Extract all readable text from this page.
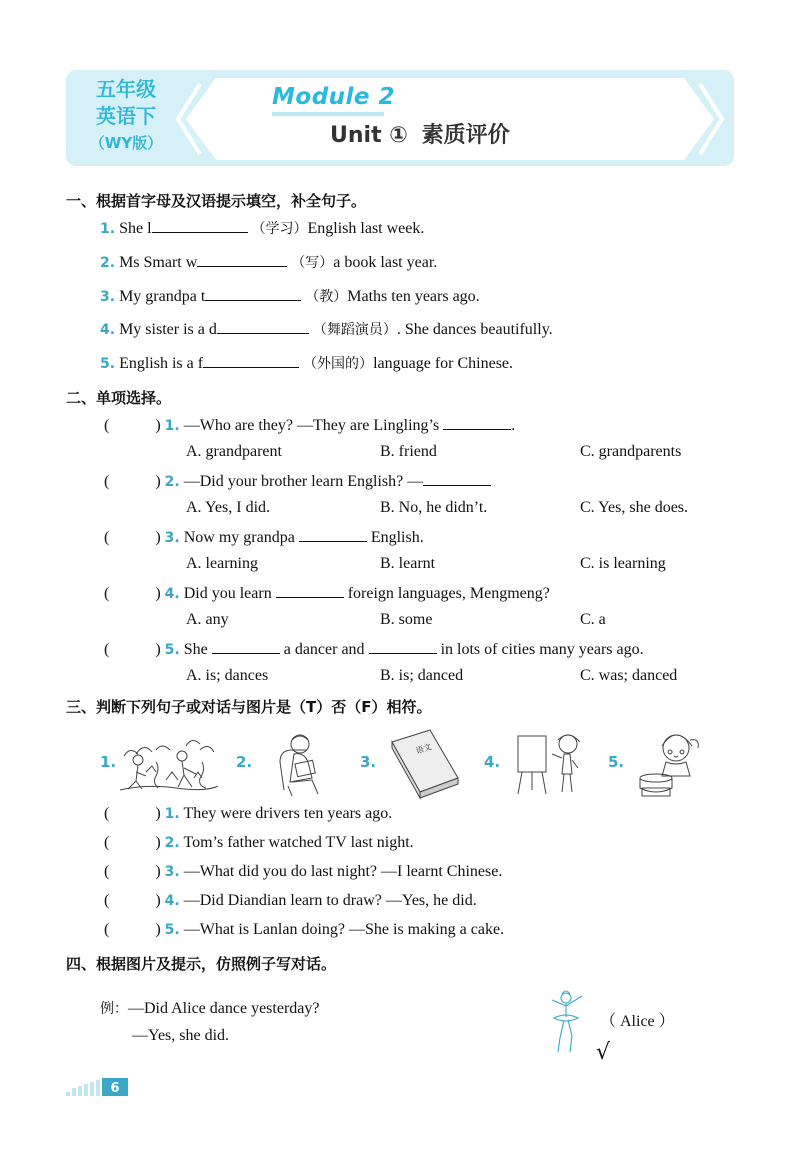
五年级
英语下
（WY版）
Module 2
Unit ① 素质评价
一、根据首字母及汉语提示填空，补全句子。
1. She l	（学习）English last week.
2. Ms Smart w	（写）a book last year.
3. My grandpa t	（教）Maths ten years ago.
4. My sister is a d	（舞蹈演员）. She dances beautifully.
5. English is a f	（外国的）language for Chinese.
二、单项选择。
(	) 1. —Who are they? —They are Lingling’s	.
A. grandparent	B. friend	C. grandparents
(	) 2. —Did your brother learn English? —
A. Yes, I did.	B. No, he didn’t.	C. Yes, she does.
(	) 3. Now my grandpa	English.
A. learning	B. learnt	C. is learning
(	) 4. Did you learn	foreign languages, Mengmeng?
A. any	B. some	C. a
(	) 5. She	a dancer and	in lots of cities many years ago.
A. is; dances	B. is; danced	C. was; danced
三、判断下列句子或对话与图片是（T）否（F）相符。
1.	2.	3.
语文
4.	5.
(	) 1. They were drivers ten years ago.
(	) 2. Tom’s father watched TV last night.
(	) 3. —What did you do last night? —I learnt Chinese.
(	) 4. —Did Diandian learn to draw? —Yes, he did.
(	) 5. —What is Lanlan doing? —She is making a cake.
四、根据图片及提示，仿照例子写对话。
例：—Did Alice dance yesterday?
—Yes, she did.
（ Alice ）
√
6
